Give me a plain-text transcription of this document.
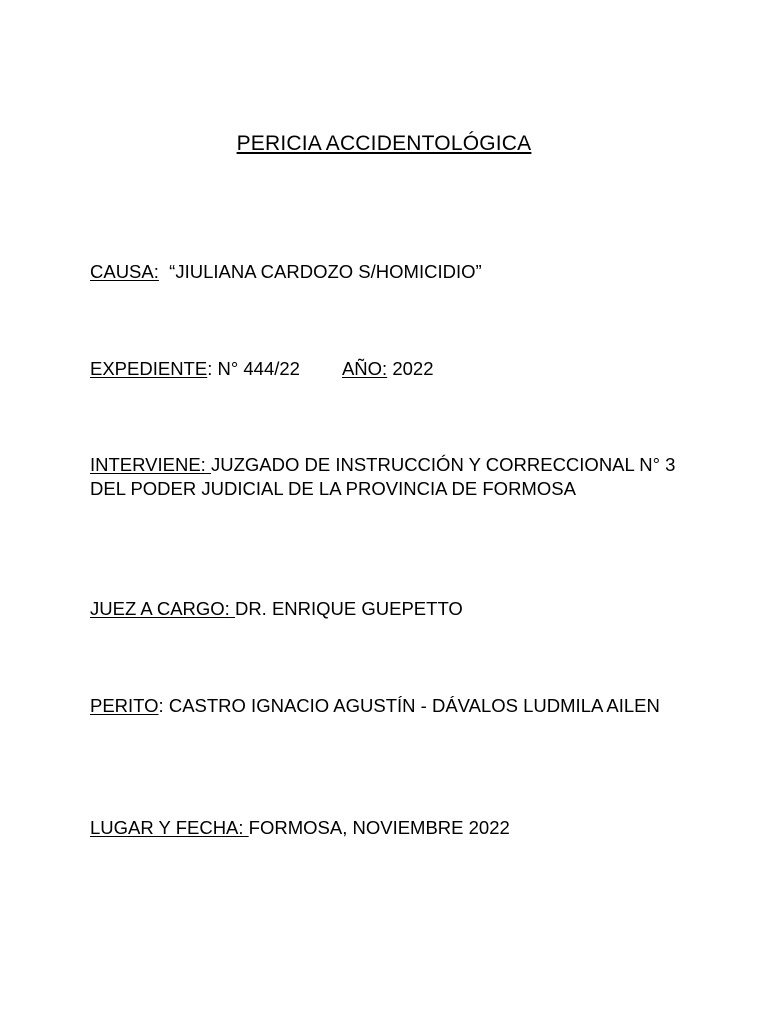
PERICIA ACCIDENTOLÓGICA
CAUSA: “JIULIANA CARDOZO S/HOMICIDIO”
EXPEDIENTE: N° 444/22 AÑO: 2022
INTERVIENE: JUZGADO DE INSTRUCCIÓN Y CORRECCIONAL N° 3 DEL PODER JUDICIAL DE LA PROVINCIA DE FORMOSA
JUEZ A CARGO: DR. ENRIQUE GUEPETTO
PERITO: CASTRO IGNACIO AGUSTÍN - DÁVALOS LUDMILA AILEN
LUGAR Y FECHA: FORMOSA, NOVIEMBRE 2022
